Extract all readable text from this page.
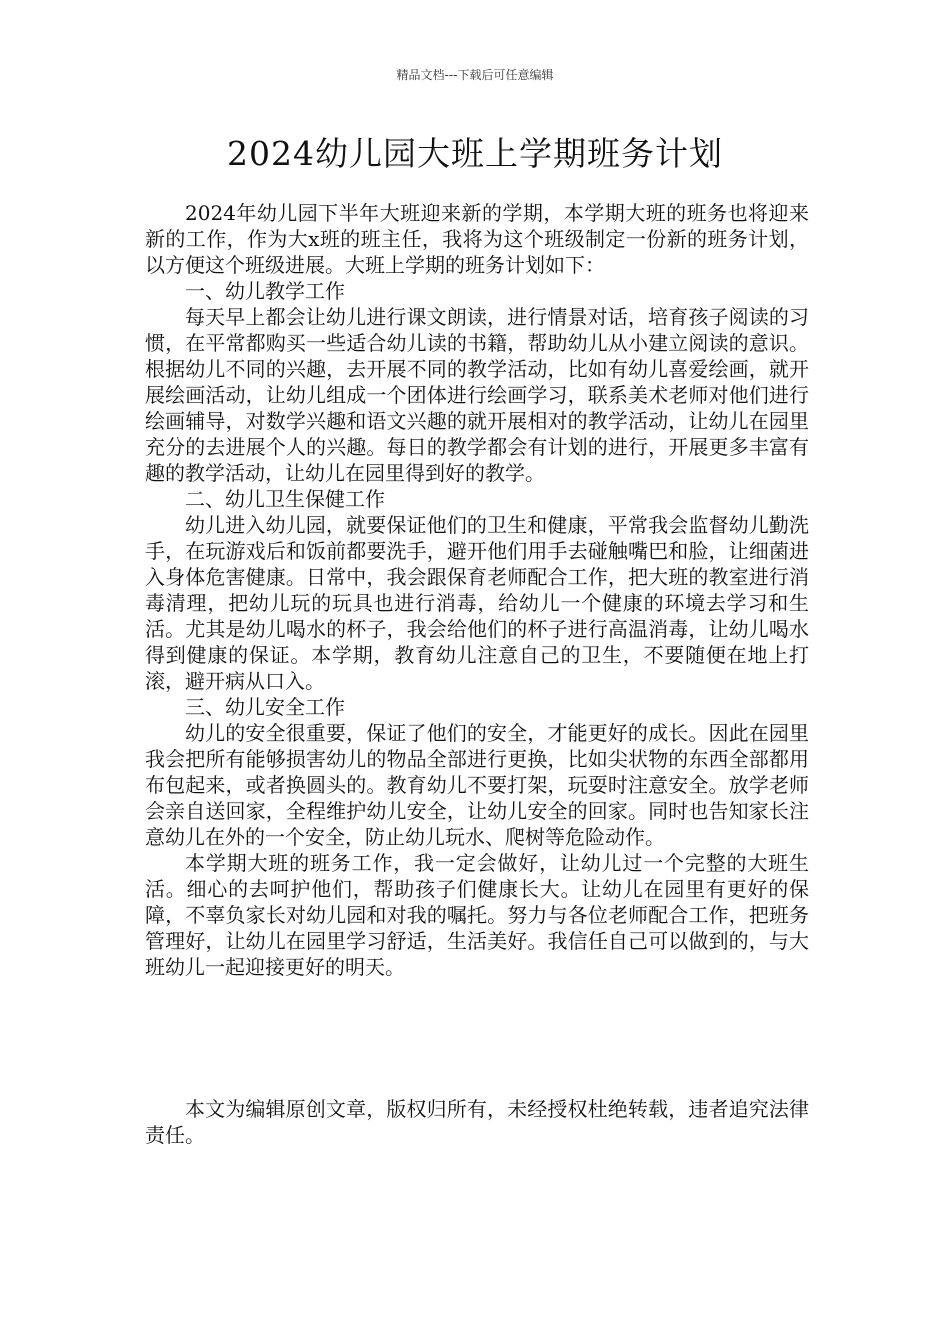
精品文档---下载后可任意编辑
2024幼儿园大班上学期班务计划

2024年幼儿园下半年大班迎来新的学期，本学期大班的班务也将迎来新的工作，作为大x班的班主任，我将为这个班级制定一份新的班务计划，以方便这个班级进展。大班上学期的班务计划如下：

一、幼儿教学工作

每天早上都会让幼儿进行课文朗读，进行情景对话，培育孩子阅读的习惯，在平常都购买一些适合幼儿读的书籍，帮助幼儿从小建立阅读的意识。根据幼儿不同的兴趣，去开展不同的教学活动，比如有幼儿喜爱绘画，就开展绘画活动，让幼儿组成一个团体进行绘画学习，联系美术老师对他们进行绘画辅导，对数学兴趣和语文兴趣的就开展相对的教学活动，让幼儿在园里充分的去进展个人的兴趣。每日的教学都会有计划的进行，开展更多丰富有趣的教学活动，让幼儿在园里得到好的教学。

二、幼儿卫生保健工作

幼儿进入幼儿园，就要保证他们的卫生和健康，平常我会监督幼儿勤洗手，在玩游戏后和饭前都要洗手，避开他们用手去碰触嘴巴和脸，让细菌进入身体危害健康。日常中，我会跟保育老师配合工作，把大班的教室进行消毒清理，把幼儿玩的玩具也进行消毒，给幼儿一个健康的环境去学习和生活。尤其是幼儿喝水的杯子，我会给他们的杯子进行高温消毒，让幼儿喝水得到健康的保证。本学期，教育幼儿注意自己的卫生，不要随便在地上打滚，避开病从口入。

三、幼儿安全工作

幼儿的安全很重要，保证了他们的安全，才能更好的成长。因此在园里我会把所有能够损害幼儿的物品全部进行更换，比如尖状物的东西全部都用布包起来，或者换圆头的。教育幼儿不要打架，玩耍时注意安全。放学老师会亲自送回家，全程维护幼儿安全，让幼儿安全的回家。同时也告知家长注意幼儿在外的一个安全，防止幼儿玩水、爬树等危险动作。

本学期大班的班务工作，我一定会做好，让幼儿过一个完整的大班生活。细心的去呵护他们，帮助孩子们健康长大。让幼儿在园里有更好的保障，不辜负家长对幼儿园和对我的嘱托。努力与各位老师配合工作，把班务管理好，让幼儿在园里学习舒适，生活美好。我信任自己可以做到的，与大班幼儿一起迎接更好的明天。

本文为编辑原创文章，版权归所有，未经授权杜绝转载，违者追究法律责任。
